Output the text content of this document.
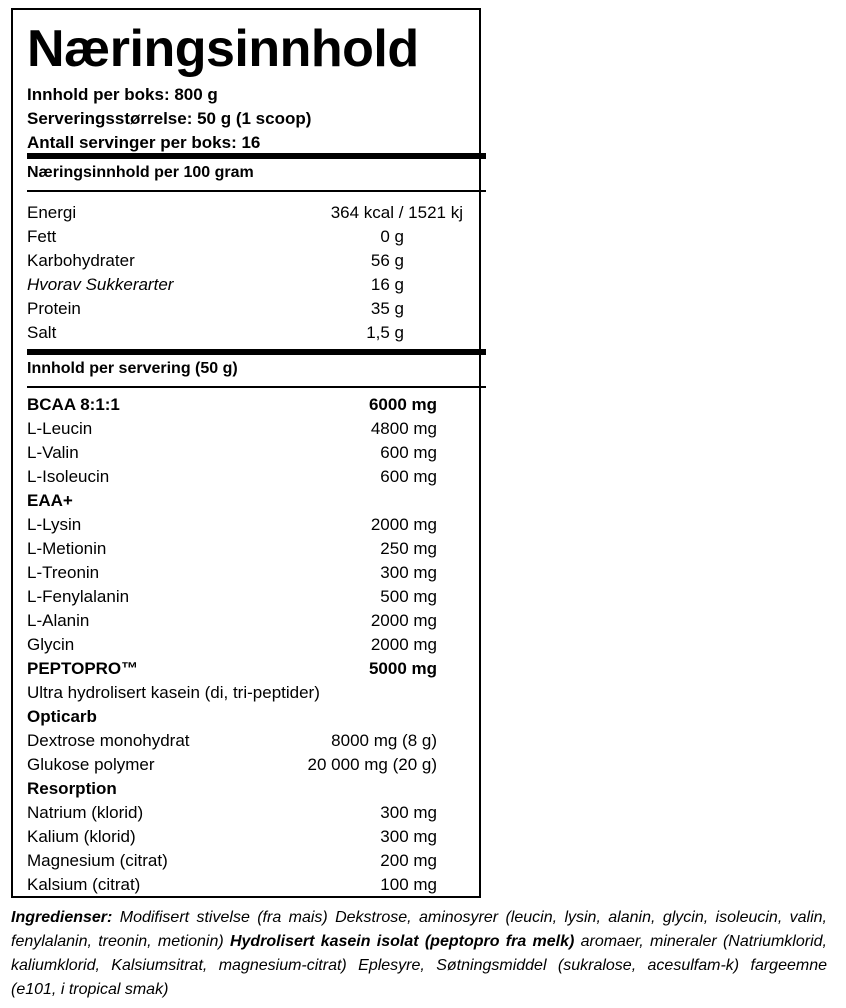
Næringsinnhold
Innhold per boks: 800 g
Serveringsstørrelse: 50 g (1 scoop)
Antall servinger per boks: 16
Næringsinnhold per 100 gram
Energi	364 kcal / 1521 kj
Fett	0 g
Karbohydrater	56 g
Hvorav Sukkerarter	16 g
Protein	35 g
Salt	1,5 g
Innhold per servering (50 g)
BCAA 8:1:1	6000 mg
L-Leucin	4800 mg
L-Valin	600 mg
L-Isoleucin	600 mg
EAA+
L-Lysin	2000 mg
L-Metionin	250 mg
L-Treonin	300 mg
L-Fenylalanin	500 mg
L-Alanin	2000 mg
Glycin	2000 mg
PEPTOPRO™	5000 mg
Ultra hydrolisert kasein (di, tri-peptider)
Opticarb
Dextrose monohydrat	8000 mg (8 g)
Glukose polymer	20 000 mg (20 g)
Resorption
Natrium (klorid)	300 mg
Kalium (klorid)	300 mg
Magnesium (citrat)	200 mg
Kalsium (citrat)	100 mg
Ingredienser: Modifisert stivelse (fra mais) Dekstrose, aminosyrer (leucin, lysin, alanin, glycin, isoleucin, valin, fenylalanin, treonin, metionin) Hydrolisert kasein isolat (peptopro fra melk) aromaer, mineraler (Natriumklorid, kaliumklorid, Kalsiumsitrat, magnesium-citrat) Eplesyre, Søtningsmiddel (sukralose, acesulfam-k) fargeemne (e101, i tropical smak)
